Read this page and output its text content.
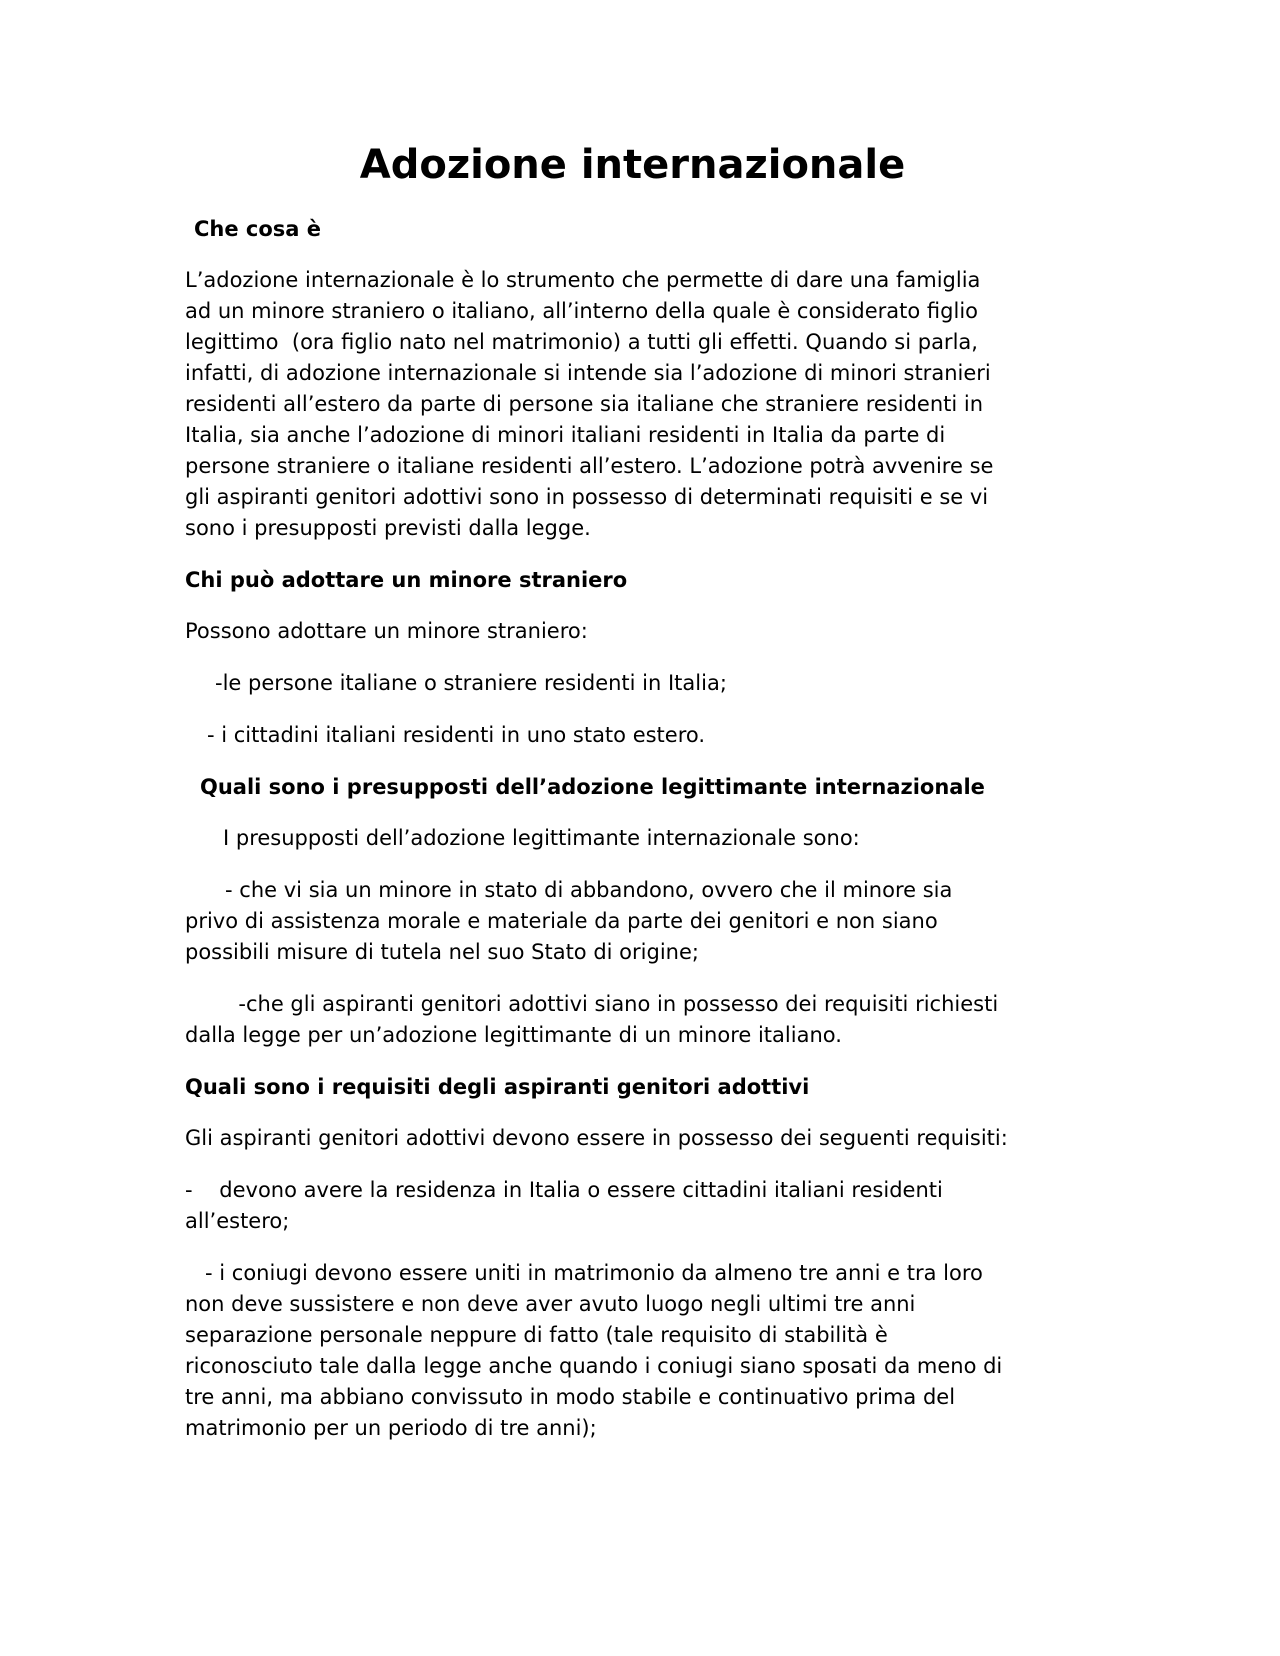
Adozione internazionale
Che cosa è
L’adozione internazionale è lo strumento che permette di dare una famiglia
ad un minore straniero o italiano, all’interno della quale è considerato figlio
legittimo  (ora figlio nato nel matrimonio) a tutti gli effetti. Quando si parla,
infatti, di adozione internazionale si intende sia l’adozione di minori stranieri
residenti all’estero da parte di persone sia italiane che straniere residenti in
Italia, sia anche l’adozione di minori italiani residenti in Italia da parte di
persone straniere o italiane residenti all’estero. L’adozione potrà avvenire se
gli aspiranti genitori adottivi sono in possesso di determinati requisiti e se vi
sono i presupposti previsti dalla legge.
Chi può adottare un minore straniero
Possono adottare un minore straniero:
-le persone italiane o straniere residenti in Italia;
- i cittadini italiani residenti in uno stato estero.
Quali sono i presupposti dell’adozione legittimante internazionale
I presupposti dell’adozione legittimante internazionale sono:
- che vi sia un minore in stato di abbandono, ovvero che il minore sia
privo di assistenza morale e materiale da parte dei genitori e non siano
possibili misure di tutela nel suo Stato di origine;
-che gli aspiranti genitori adottivi siano in possesso dei requisiti richiesti
dalla legge per un’adozione legittimante di un minore italiano.
Quali sono i requisiti degli aspiranti genitori adottivi
Gli aspiranti genitori adottivi devono essere in possesso dei seguenti requisiti:
-    devono avere la residenza in Italia o essere cittadini italiani residenti
all’estero;
- i coniugi devono essere uniti in matrimonio da almeno tre anni e tra loro
non deve sussistere e non deve aver avuto luogo negli ultimi tre anni
separazione personale neppure di fatto (tale requisito di stabilità è
riconosciuto tale dalla legge anche quando i coniugi siano sposati da meno di
tre anni, ma abbiano convissuto in modo stabile e continuativo prima del
matrimonio per un periodo di tre anni);
